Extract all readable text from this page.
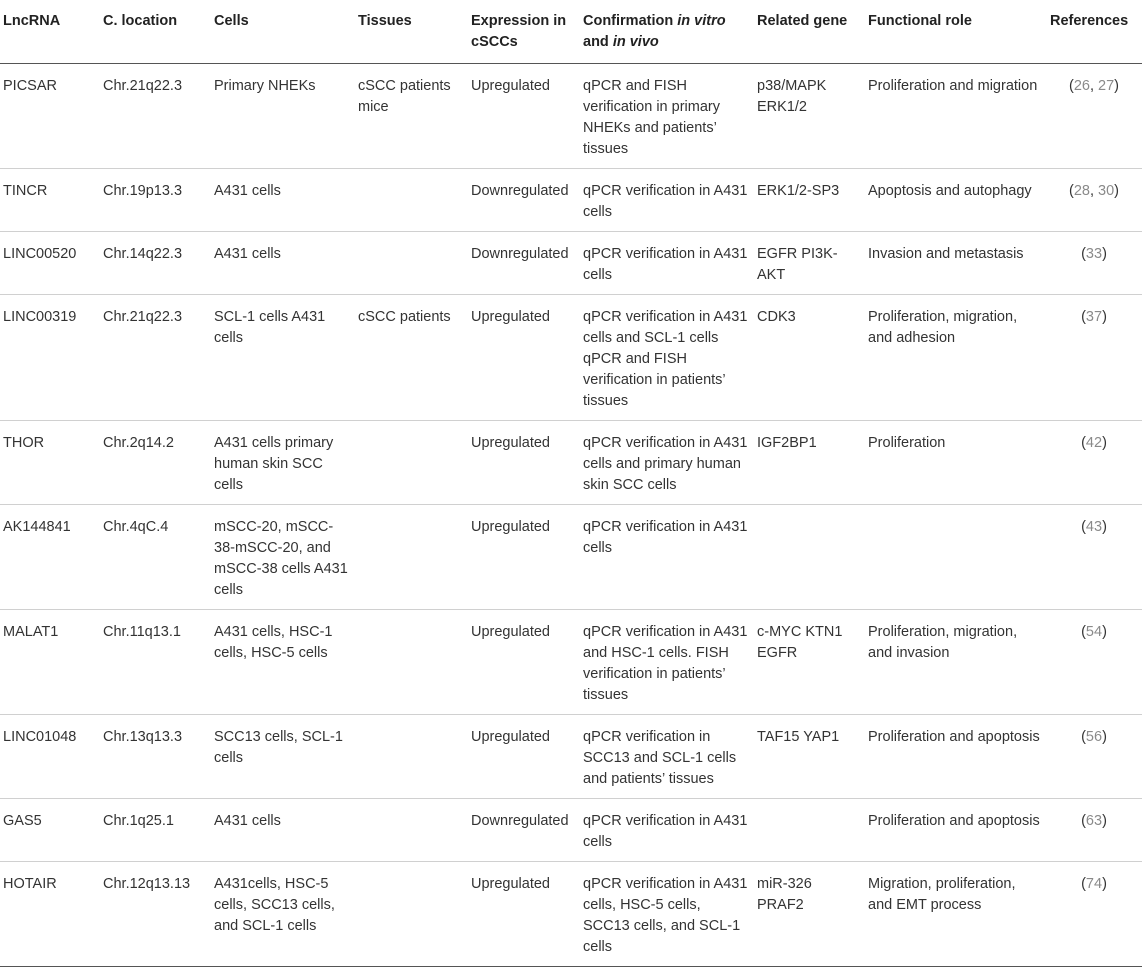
LncRNA	C. location	Cells	Tissues	Expression in cSCCs	Confirmation in vitro and in vivo	Related gene	Functional role	References
PICSAR	Chr.21q22.3	Primary NHEKs	cSCC patients mice	Upregulated	qPCR and FISH verification in primary NHEKs and patients’ tissues	p38/MAPK ERK1/2	Proliferation and migration	(26, 27)
TINCR	Chr.19p13.3	A431 cells		Downregulated	qPCR verification in A431 cells	ERK1/2-SP3	Apoptosis and autophagy	(28, 30)
LINC00520	Chr.14q22.3	A431 cells		Downregulated	qPCR verification in A431 cells	EGFR PI3K-AKT	Invasion and metastasis	(33)
LINC00319	Chr.21q22.3	SCL-1 cells A431 cells	cSCC patients	Upregulated	qPCR verification in A431 cells and SCL-1 cells qPCR and FISH verification in patients’ tissues	CDK3	Proliferation, migration, and adhesion	(37)
THOR	Chr.2q14.2	A431 cells primary human skin SCC cells		Upregulated	qPCR verification in A431 cells and primary human skin SCC cells	IGF2BP1	Proliferation	(42)
AK144841	Chr.4qC.4	mSCC-20, mSCC-38-mSCC-20, and mSCC-38 cells A431 cells		Upregulated	qPCR verification in A431 cells			(43)
MALAT1	Chr.11q13.1	A431 cells, HSC-1 cells, HSC-5 cells		Upregulated	qPCR verification in A431 and HSC-1 cells. FISH verification in patients’ tissues	c-MYC KTN1 EGFR	Proliferation, migration, and invasion	(54)
LINC01048	Chr.13q13.3	SCC13 cells, SCL-1 cells		Upregulated	qPCR verification in SCC13 and SCL-1 cells and patients’ tissues	TAF15 YAP1	Proliferation and apoptosis	(56)
GAS5	Chr.1q25.1	A431 cells		Downregulated	qPCR verification in A431 cells		Proliferation and apoptosis	(63)
HOTAIR	Chr.12q13.13	A431cells, HSC-5 cells, SCC13 cells, and SCL-1 cells		Upregulated	qPCR verification in A431 cells, HSC-5 cells, SCC13 cells, and SCL-1 cells	miR-326 PRAF2	Migration, proliferation, and EMT process	(74)
